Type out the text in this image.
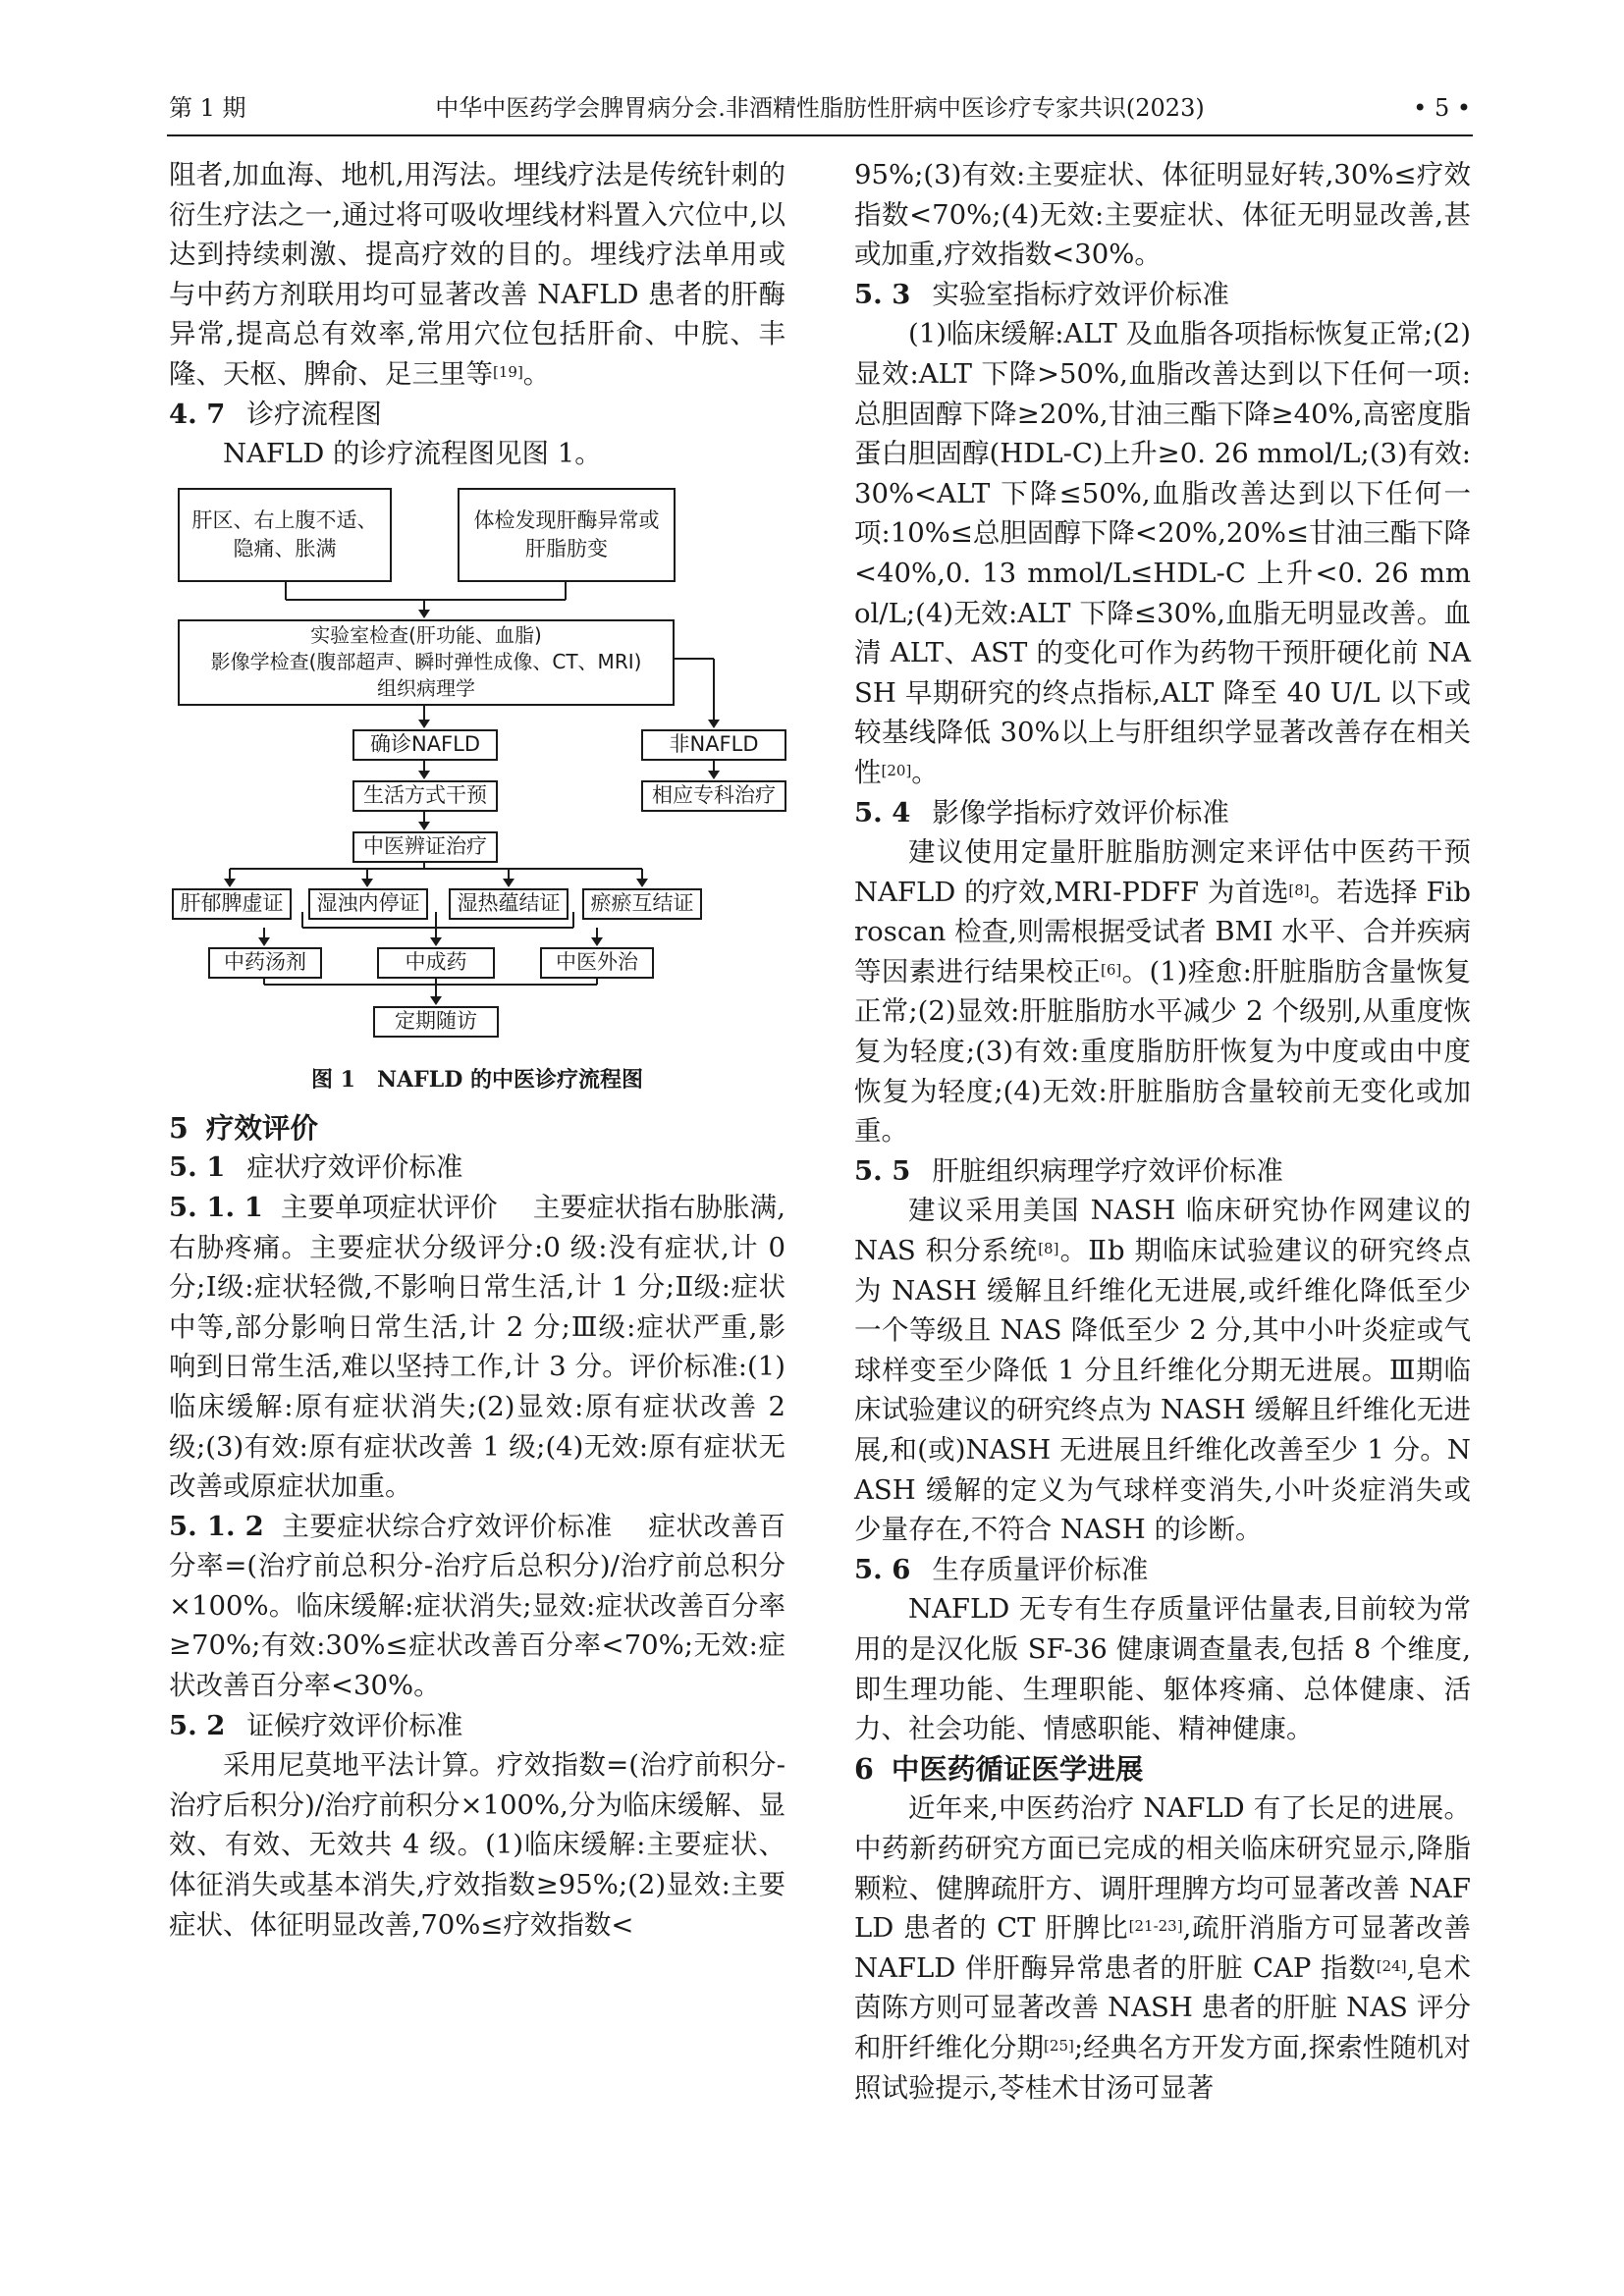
第 1 期	中华中医药学会脾胃病分会.非酒精性脂肪性肝病中医诊疗专家共识(2023)	• 5 •

阻者,加血海、地机,用泻法。埋线疗法是传统针刺的衍生疗法之一,通过将可吸收埋线材料置入穴位中,以达到持续刺激、提高疗效的目的。埋线疗法单用或与中药方剂联用均可显著改善 NAFLD 患者的肝酶异常,提高总有效率,常用穴位包括肝俞、中脘、丰隆、天枢、脾俞、足三里等[19]。

4. 7 诊疗流程图

NAFLD 的诊疗流程图见图 1。

肝区、右上腹不适、
隐痛、胀满
体检发现肝酶异常或
肝脂肪变
实验室检查(肝功能、血脂)
影像学检查(腹部超声、瞬时弹性成像、CT、MRI)
组织病理学
确诊NAFLD	非NAFLD
生活方式干预	相应专科治疗
中医辨证治疗
肝郁脾虚证 湿浊内停证 湿热蕴结证 瘀瘀互结证
中药汤剂	中成药	中医外治
定期随访
图 1　NAFLD 的中医诊疗流程图

5 疗效评价

5. 1 症状疗效评价标准

5. 1. 1 主要单项症状评价 主要症状指右胁胀满,右胁疼痛。主要症状分级评分:0 级:没有症状,计 0 分;Ⅰ级:症状轻微,不影响日常生活,计 1 分;Ⅱ级:症状中等,部分影响日常生活,计 2 分;Ⅲ级:症状严重,影响到日常生活,难以坚持工作,计 3 分。评价标准:(1)临床缓解:原有症状消失;(2)显效:原有症状改善 2 级;(3)有效:原有症状改善 1 级;(4)无效:原有症状无改善或原症状加重。

5. 1. 2 主要症状综合疗效评价标准 症状改善百分率=(治疗前总积分-治疗后总积分)/治疗前总积分×100%。临床缓解:症状消失;显效:症状改善百分率≥70%;有效:30%≤症状改善百分率<70%;无效:症状改善百分率<30%。

5. 2 证候疗效评价标准

采用尼莫地平法计算。疗效指数=(治疗前积分-治疗后积分)/治疗前积分×100%,分为临床缓解、显效、有效、无效共 4 级。(1)临床缓解:主要症状、体征消失或基本消失,疗效指数≥95%;(2)显效:主要症状、体征明显改善,70%≤疗效指数<

95%;(3)有效:主要症状、体征明显好转,30%≤疗效指数<70%;(4)无效:主要症状、体征无明显改善,甚或加重,疗效指数<30%。

5. 3 实验室指标疗效评价标准

(1)临床缓解:ALT 及血脂各项指标恢复正常;(2)显效:ALT 下降>50%,血脂改善达到以下任何一项:总胆固醇下降≥20%,甘油三酯下降≥40%,高密度脂蛋白胆固醇(HDL-C)上升≥0. 26 mmol/L;(3)有效:30%<ALT 下降≤50%,血脂改善达到以下任何一项:10%≤总胆固醇下降<20%,20%≤甘油三酯下降<40%,0. 13 mmol/L≤HDL-C 上升<0. 26 mmol/L;(4)无效:ALT 下降≤30%,血脂无明显改善。血清 ALT、AST 的变化可作为药物干预肝硬化前 NASH 早期研究的终点指标,ALT 降至 40 U/L 以下或较基线降低 30%以上与肝组织学显著改善存在相关性[20]。

5. 4 影像学指标疗效评价标准

建议使用定量肝脏脂肪测定来评估中医药干预 NAFLD 的疗效,MRI-PDFF 为首选[8]。若选择 Fibroscan 检查,则需根据受试者 BMI 水平、合并疾病等因素进行结果校正[6]。(1)痊愈:肝脏脂肪含量恢复正常;(2)显效:肝脏脂肪水平减少 2 个级别,从重度恢复为轻度;(3)有效:重度脂肪肝恢复为中度或由中度恢复为轻度;(4)无效:肝脏脂肪含量较前无变化或加重。

5. 5 肝脏组织病理学疗效评价标准

建议采用美国 NASH 临床研究协作网建议的 NAS 积分系统[8]。Ⅱb 期临床试验建议的研究终点为 NASH 缓解且纤维化无进展,或纤维化降低至少一个等级且 NAS 降低至少 2 分,其中小叶炎症或气球样变至少降低 1 分且纤维化分期无进展。Ⅲ期临床试验建议的研究终点为 NASH 缓解且纤维化无进展,和(或)NASH 无进展且纤维化改善至少 1 分。NASH 缓解的定义为气球样变消失,小叶炎症消失或少量存在,不符合 NASH 的诊断。

5. 6 生存质量评价标准

NAFLD 无专有生存质量评估量表,目前较为常用的是汉化版 SF-36 健康调查量表,包括 8 个维度,即生理功能、生理职能、躯体疼痛、总体健康、活力、社会功能、情感职能、精神健康。

6 中医药循证医学进展

近年来,中医药治疗 NAFLD 有了长足的进展。中药新药研究方面已完成的相关临床研究显示,降脂颗粒、健脾疏肝方、调肝理脾方均可显著改善 NAFLD 患者的 CT 肝脾比[21-23],疏肝消脂方可显著改善 NAFLD 伴肝酶异常患者的肝脏 CAP 指数[24],皂术茵陈方则可显著改善 NASH 患者的肝脏 NAS 评分和肝纤维化分期[25];经典名方开发方面,探索性随机对照试验提示,苓桂术甘汤可显著
